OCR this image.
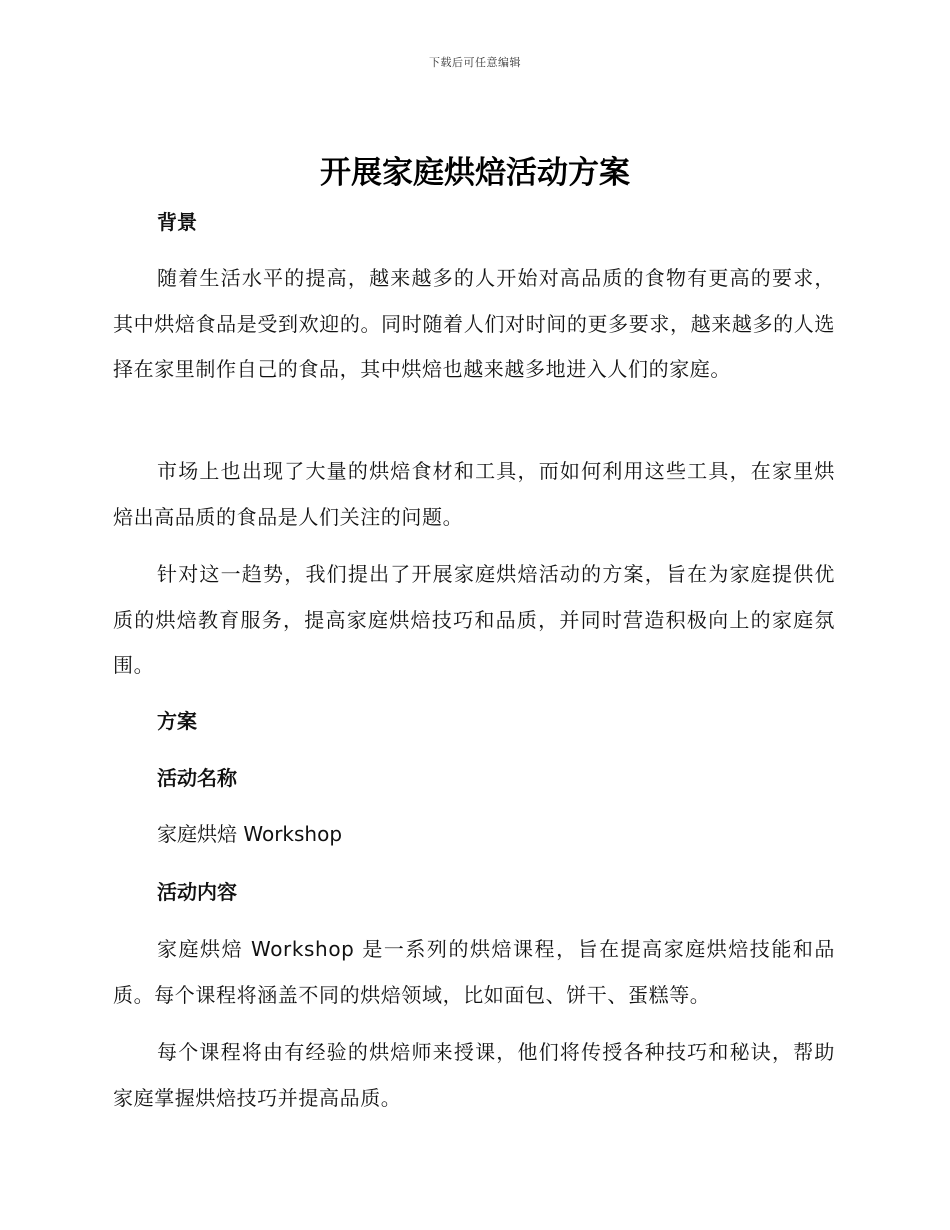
下载后可任意编辑
开展家庭烘焙活动方案
背景

随着生活水平的提高，越来越多的人开始对高品质的食物有更高的要求，其中烘焙食品是受到欢迎的。同时随着人们对时间的更多要求，越来越多的人选择在家里制作自己的食品，其中烘焙也越来越多地进入人们的家庭。

市场上也出现了大量的烘焙食材和工具，而如何利用这些工具，在家里烘焙出高品质的食品是人们关注的问题。

针对这一趋势，我们提出了开展家庭烘焙活动的方案，旨在为家庭提供优质的烘焙教育服务，提高家庭烘焙技巧和品质，并同时营造积极向上的家庭氛围。

方案
活动名称
家庭烘焙 Workshop
活动内容

家庭烘焙 Workshop 是一系列的烘焙课程，旨在提高家庭烘焙技能和品质。每个课程将涵盖不同的烘焙领域，比如面包、饼干、蛋糕等。

每个课程将由有经验的烘焙师来授课，他们将传授各种技巧和秘诀，帮助家庭掌握烘焙技巧并提高品质。
